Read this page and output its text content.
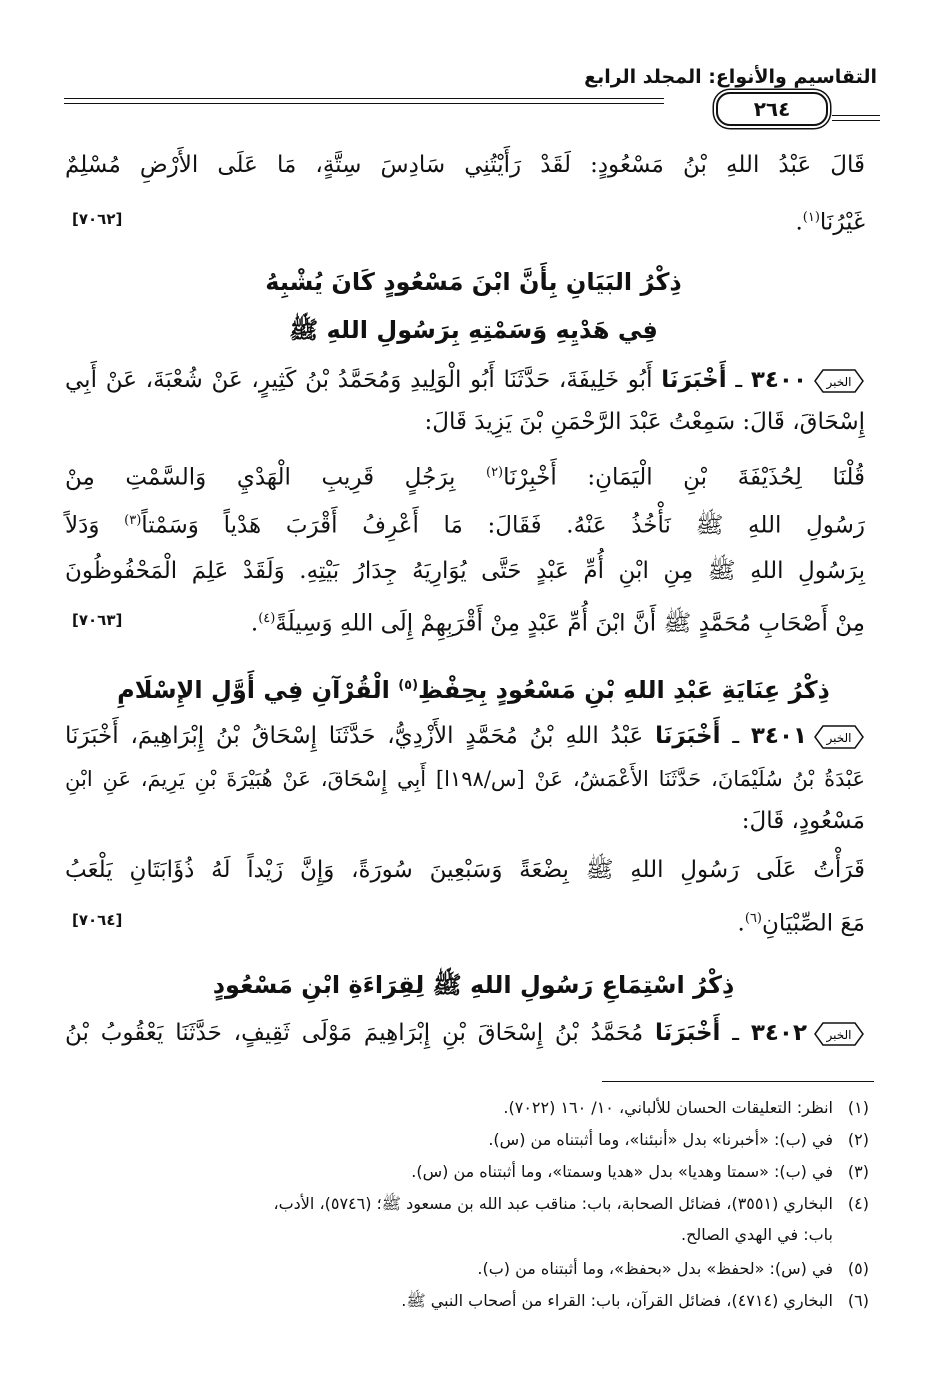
التقاسيم والأنواع: المجلد الرابع
٢٦٤
قَالَ عَبْدُ اللهِ بْنُ مَسْعُودٍ: لَقَدْ رَأَيْتُنِي سَادِسَ سِتَّةٍ، مَا عَلَى الأَرْضِ مُسْلِمٌ
غَيْرُنَا$^{(١)}$.
[٧٠٦٢]
ذِكْرُ البَيَانِ بِأَنَّ ابْنَ مَسْعُودٍ كَانَ يُشْبِهُ
فِي هَدْيِهِ وَسَمْتِهِ بِرَسُولِ اللهِ ﷺ
الخبر
٣٤٠٠ ـ أَخْبَرَنَا أَبُو خَلِيفَةَ، حَدَّثَنَا أَبُو الْوَلِيدِ وَمُحَمَّدُ بْنُ كَثِيرٍ، عَنْ شُعْبَةَ، عَنْ أَبِي
إِسْحَاقَ، قَالَ: سَمِعْتُ عَبْدَ الرَّحْمَنِ بْنَ يَزِيدَ قَالَ:
قُلْنَا لِحُذَيْفَةَ بْنِ الْيَمَانِ: أَخْبِرْنَا$^{(٢)}$ بِرَجُلٍ قَرِيبِ الْهَدْيِ وَالسَّمْتِ مِنْ
رَسُولِ اللهِ ﷺ نَأْخُذُ عَنْهُ. فَقَالَ: مَا أَعْرِفُ أَقْرَبَ هَدْياً وَسَمْتاً$^{(٣)}$ وَدَلاً
بِرَسُولِ اللهِ ﷺ مِنِ ابْنِ أُمِّ عَبْدٍ حَتَّى يُوَارِيَهُ جِدَارُ بَيْتِهِ. وَلَقَدْ عَلِمَ الْمَحْفُوظُونَ
مِنْ أَصْحَابِ مُحَمَّدٍ ﷺ أَنَّ ابْنَ أُمِّ عَبْدٍ مِنْ أَقْرَبِهِمْ إِلَى اللهِ وَسِيلَةً$^{(٤)}$.
[٧٠٦٣]
ذِكْرُ عِنَايَةِ عَبْدِ اللهِ بْنِ مَسْعُودٍ بِحِفْظِ$^{(٥)}$ الْقُرْآنِ فِي أَوَّلِ الإِسْلَامِ
الخبر
٣٤٠١ ـ أَخْبَرَنَا عَبْدُ اللهِ بْنُ مُحَمَّدٍ الأَزْدِيُّ، حَدَّثَنَا إِسْحَاقُ بْنُ إِبْرَاهِيمَ، أَخْبَرَنَا
عَبْدَةُ بْنُ سُلَيْمَانَ، حَدَّثَنَا الأَعْمَشُ، عَنْ [س/١٩٨ا] أَبِي إِسْحَاقَ، عَنْ هُبَيْرَةَ بْنِ يَرِيمَ، عَنِ ابْنِ
مَسْعُودٍ، قَالَ:
قَرَأْتُ عَلَى رَسُولِ اللهِ ﷺ بِضْعَةً وَسَبْعِينَ سُورَةً، وَإِنَّ زَيْداً لَهُ ذُؤَابَتَانِ يَلْعَبُ
مَعَ الصِّبْيَانِ$^{(٦)}$.
[٧٠٦٤]
ذِكْرُ اسْتِمَاعِ رَسُولِ اللهِ ﷺ لِقِرَاءَةِ ابْنِ مَسْعُودٍ
الخبر
٣٤٠٢ ـ أَخْبَرَنَا مُحَمَّدُ بْنُ إِسْحَاقَ بْنِ إِبْرَاهِيمَ مَوْلَى ثَقِيفٍ، حَدَّثَنَا يَعْقُوبُ بْنُ
(١)انظر: التعليقات الحسان للألباني، ١٠/ ١٦٠ (٧٠٢٢).
(٢)في (ب): «أخبرنا» بدل «أنبئنا»، وما أثبتناه من (س).
(٣)في (ب): «سمتا وهديا» بدل «هديا وسمتا»، وما أثبتناه من (س).
(٤)البخاري (٣٥٥١)، فضائل الصحابة، باب: مناقب عبد الله بن مسعود ﷺ؛ (٥٧٤٦)، الأدب،
باب: في الهدي الصالح.
(٥)في (س): «لحفظ» بدل «بحفظ»، وما أثبتناه من (ب).
(٦)البخاري (٤٧١٤)، فضائل القرآن، باب: القراء من أصحاب النبي ﷺ.
